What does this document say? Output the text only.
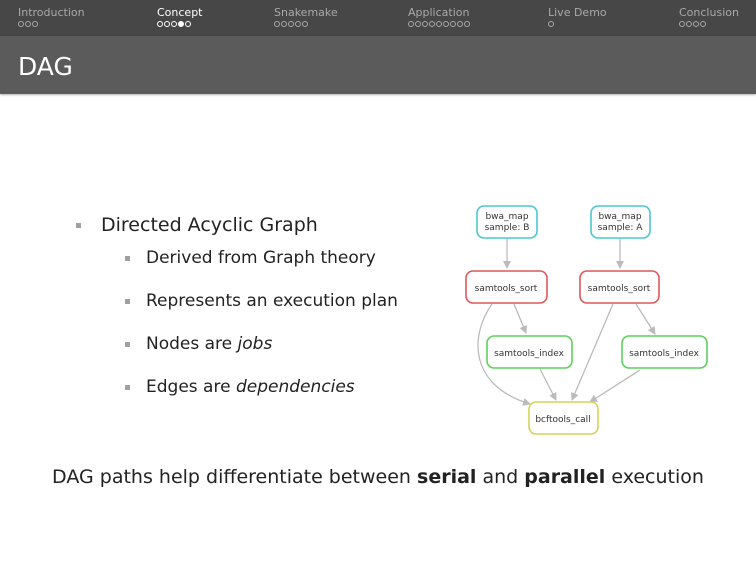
Introduction	Concept	Snakemake	Application	Live Demo	Conclusion
DAG
Directed Acyclic Graph
Derived from Graph theory
Represents an execution plan
Nodes are jobs
Edges are dependencies
bwa_map
sample: B
bwa_map
sample: A
samtools_sort	samtools_sort
samtools_index	samtools_index
bcftools_call
DAG paths help differentiate between serial and parallel execution
